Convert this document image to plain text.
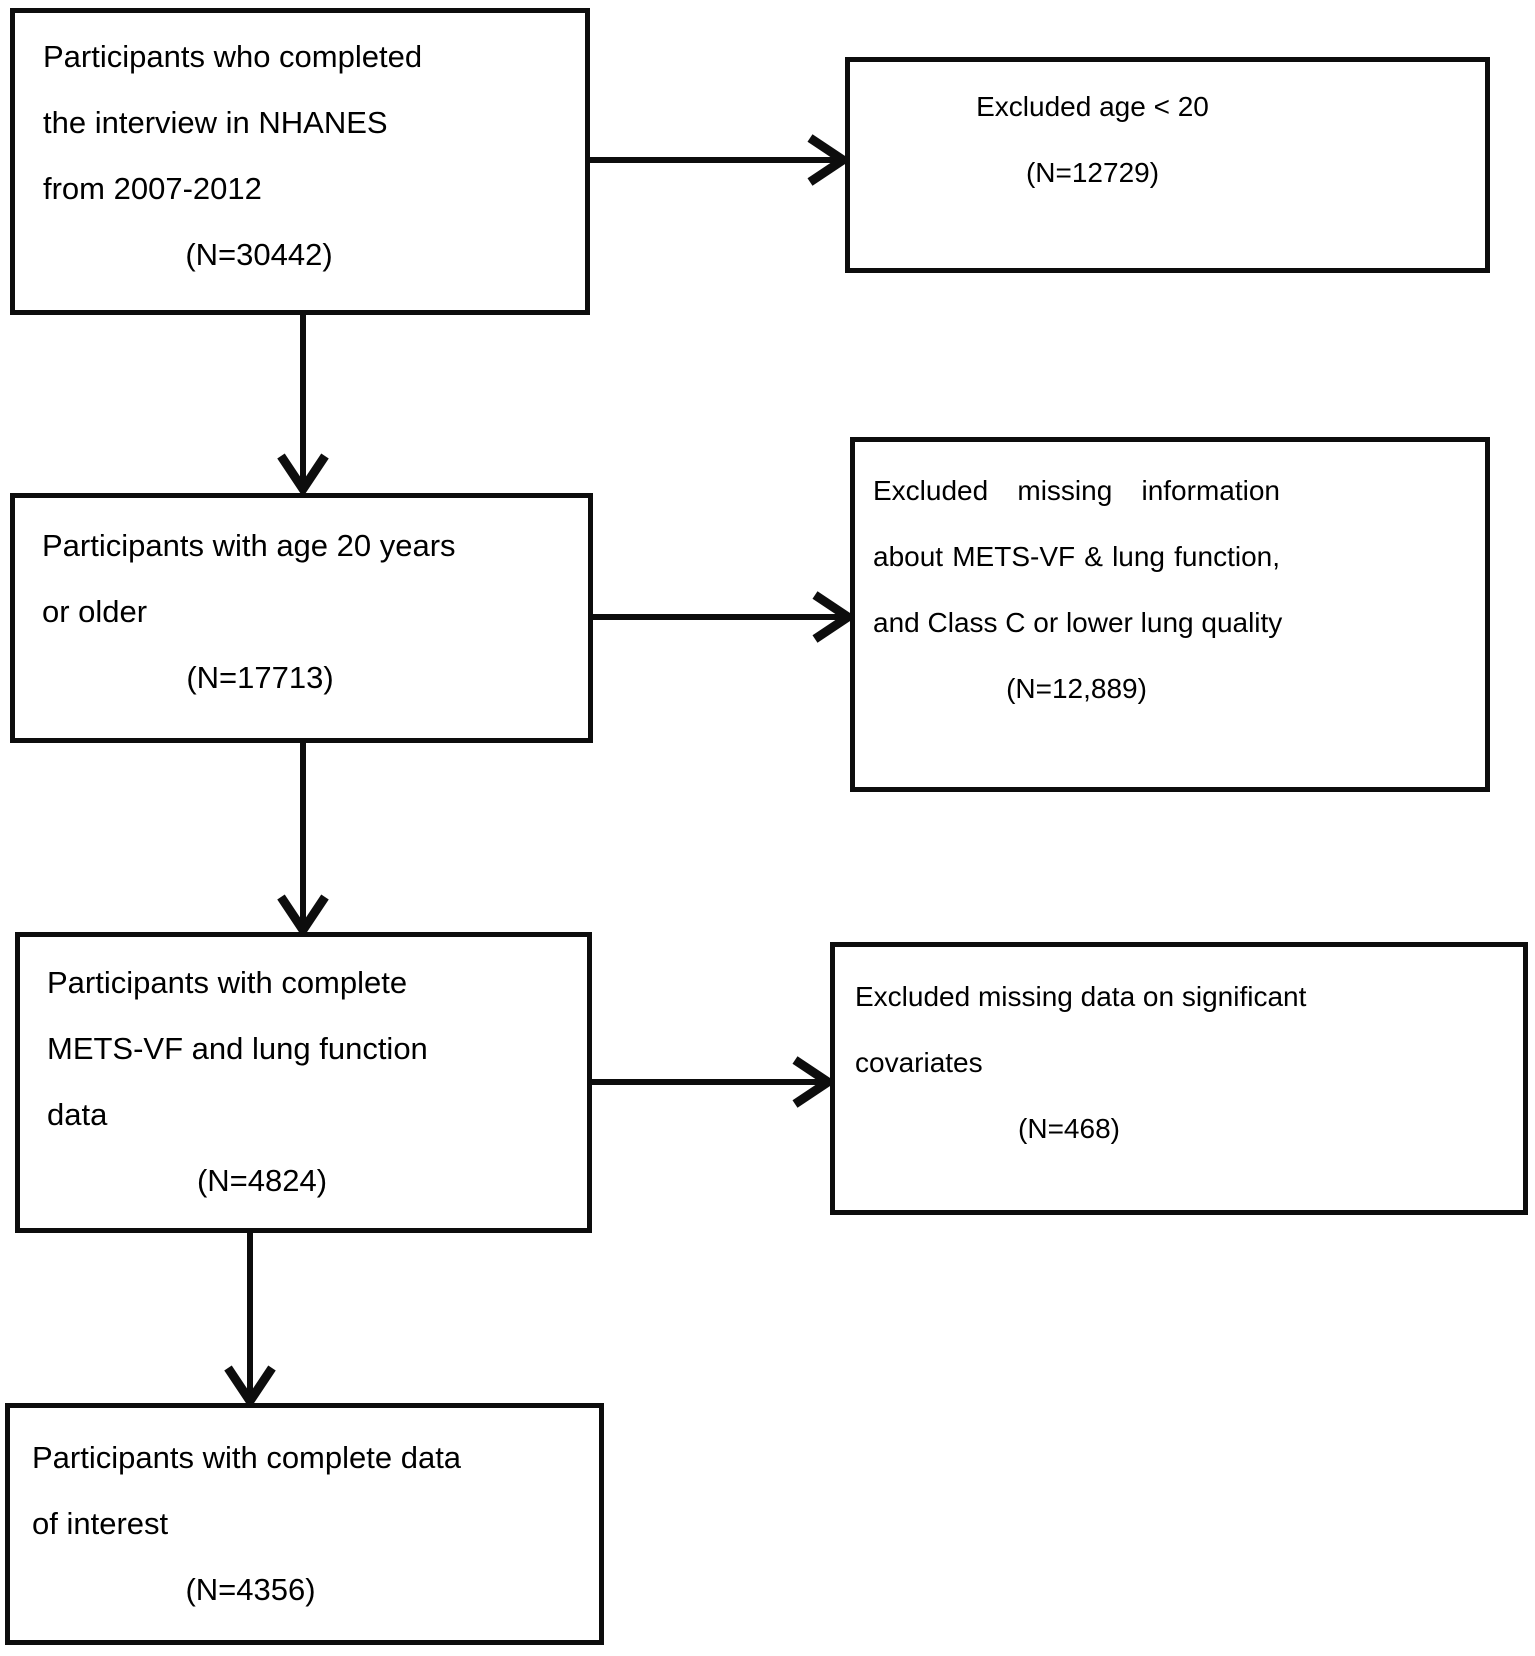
Participants who completed
the interview in NHANES
from 2007-2012
(N=30442)
Excluded age < 20
(N=12729)
Participants with age 20 years
or older
(N=17713)
Excluded missing information
about METS-VF & lung function,
and Class C or lower lung quality
(N=12,889)
Participants with complete
METS-VF and lung function
data
(N=4824)
Excluded missing data on significant
covariates
(N=468)
Participants with complete data
of interest
(N=4356)
